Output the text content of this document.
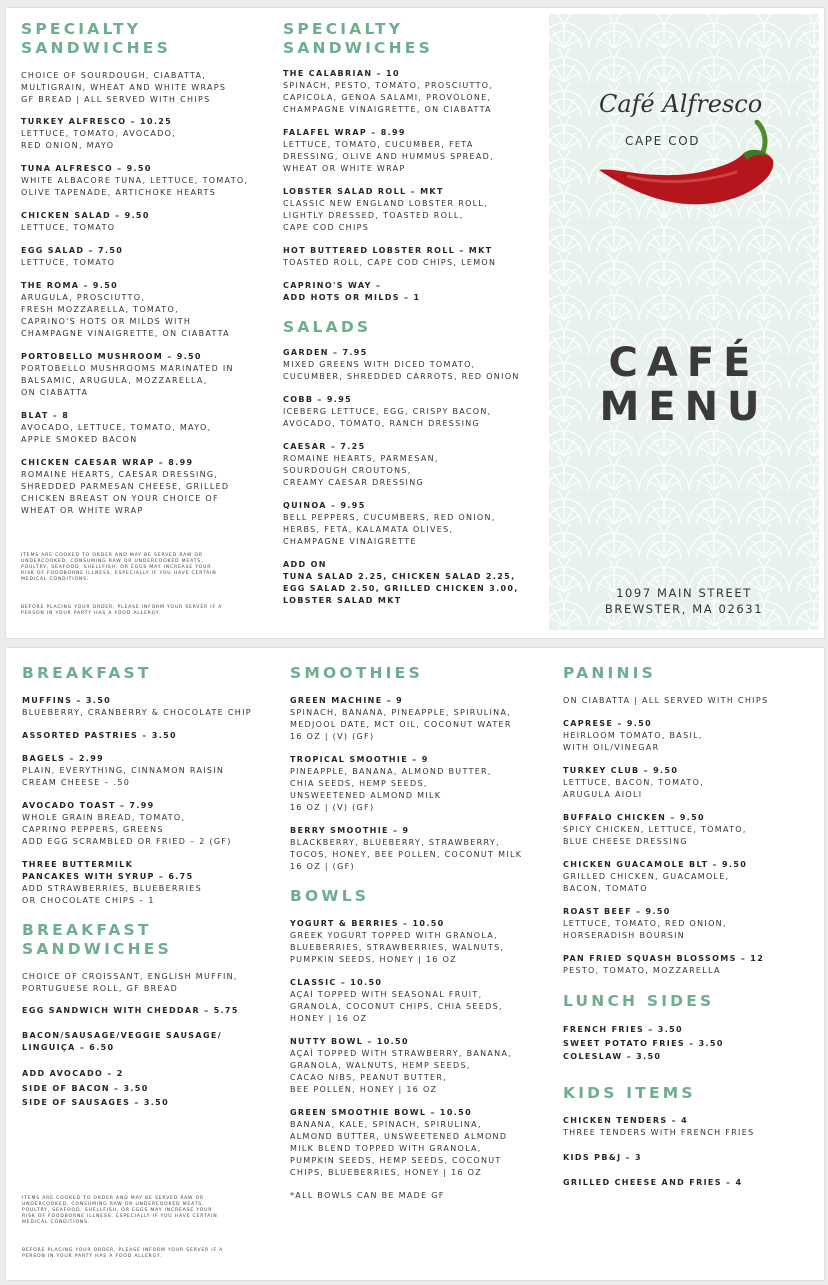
SPECIALTY
SANDWICHES
CHOICE OF SOURDOUGH, CIABATTA,
MULTIGRAIN, WHEAT AND WHITE WRAPS
GF BREAD | ALL SERVED WITH CHIPS
TURKEY ALFRESCO – 10.25
LETTUCE, TOMATO, AVOCADO,
RED ONION, MAYO
TUNA ALFRESCO – 9.50
WHITE ALBACORE TUNA, LETTUCE, TOMATO,
OLIVE TAPENADE, ARTICHOKE HEARTS
CHICKEN SALAD – 9.50
LETTUCE, TOMATO
EGG SALAD – 7.50
LETTUCE, TOMATO
THE ROMA – 9.50
ARUGULA, PROSCIUTTO,
FRESH MOZZARELLA, TOMATO,
CAPRINO'S HOTS OR MILDS WITH
CHAMPAGNE VINAIGRETTE, ON CIABATTA
PORTOBELLO MUSHROOM – 9.50
PORTOBELLO MUSHROOMS MARINATED IN
BALSAMIC, ARUGULA, MOZZARELLA,
ON CIABATTA
BLAT – 8
AVOCADO, LETTUCE, TOMATO, MAYO,
APPLE SMOKED BACON
CHICKEN CAESAR WRAP – 8.99
ROMAINE HEARTS, CAESAR DRESSING,
SHREDDED PARMESAN CHEESE, GRILLED
CHICKEN BREAST ON YOUR CHOICE OF
WHEAT OR WHITE WRAP
ITEMS ARE COOKED TO ORDER AND MAY BE SERVED RAW OR
UNDERCOOKED. CONSUMING RAW OR UNDERCOOKED MEATS,
POULTRY, SEAFOOD, SHELLFISH, OR EGGS MAY INCREASE YOUR
RISK OF FOODBORNE ILLNESS, ESPECIALLY IF YOU HAVE CERTAIN
MEDICAL CONDITIONS.
BEFORE PLACING YOUR ORDER, PLEASE INFORM YOUR SERVER IF A
PERSON IN YOUR PARTY HAS A FOOD ALLERGY.
SPECIALTY
SANDWICHES
THE CALABRIAN – 10
SPINACH, PESTO, TOMATO, PROSCIUTTO,
CAPICOLA, GENOA SALAMI, PROVOLONE,
CHAMPAGNE VINAIGRETTE, ON CIABATTA
FALAFEL WRAP – 8.99
LETTUCE, TOMATO, CUCUMBER, FETA
DRESSING, OLIVE AND HUMMUS SPREAD,
WHEAT OR WHITE WRAP
LOBSTER SALAD ROLL – MKT
CLASSIC NEW ENGLAND LOBSTER ROLL,
LIGHTLY DRESSED, TOASTED ROLL,
CAPE COD CHIPS
HOT BUTTERED LOBSTER ROLL – MKT
TOASTED ROLL, CAPE COD CHIPS, LEMON
CAPRINO'S WAY –
ADD HOTS OR MILDS – 1
SALADS
GARDEN – 7.95
MIXED GREENS WITH DICED TOMATO,
CUCUMBER, SHREDDED CARROTS, RED ONION
COBB – 9.95
ICEBERG LETTUCE, EGG, CRISPY BACON,
AVOCADO, TOMATO, RANCH DRESSING
CAESAR – 7.25
ROMAINE HEARTS, PARMESAN,
SOURDOUGH CROUTONS,
CREAMY CAESAR DRESSING
QUINOA – 9.95
BELL PEPPERS, CUCUMBERS, RED ONION,
HERBS, FETA, KALAMATA OLIVES,
CHAMPAGNE VINAIGRETTE
ADD ON
TUNA SALAD 2.25, CHICKEN SALAD 2.25,
EGG SALAD 2.50, GRILLED CHICKEN 3.00,
LOBSTER SALAD MKT
Café Alfresco
CAPE COD
CAFÉ
MENU
1097 MAIN STREET
BREWSTER, MA 02631
BREAKFAST
MUFFINS – 3.50
BLUEBERRY, CRANBERRY & CHOCOLATE CHIP
ASSORTED PASTRIES – 3.50
BAGELS – 2.99
PLAIN, EVERYTHING, CINNAMON RAISIN
CREAM CHEESE – .50
AVOCADO TOAST – 7.99
WHOLE GRAIN BREAD, TOMATO,
CAPRINO PEPPERS, GREENS
ADD EGG SCRAMBLED OR FRIED – 2 (GF)
THREE BUTTERMILK
PANCAKES WITH SYRUP – 6.75
ADD STRAWBERRIES, BLUEBERRIES
OR CHOCOLATE CHIPS – 1
BREAKFAST
SANDWICHES
CHOICE OF CROISSANT, ENGLISH MUFFIN,
PORTUGUESE ROLL, GF BREAD
EGG SANDWICH WITH CHEDDAR – 5.75
BACON/SAUSAGE/VEGGIE SAUSAGE/
LINGUIÇA – 6.50
ADD AVOCADO – 2
SIDE OF BACON – 3.50
SIDE OF SAUSAGES – 3.50
ITEMS ARE COOKED TO ORDER AND MAY BE SERVED RAW OR
UNDERCOOKED. CONSUMING RAW OR UNDERCOOKED MEATS,
POULTRY, SEAFOOD, SHELLFISH, OR EGGS MAY INCREASE YOUR
RISK OF FOODBORNE ILLNESS, ESPECIALLY IF YOU HAVE CERTAIN
MEDICAL CONDITIONS.
BEFORE PLACING YOUR ORDER, PLEASE INFORM YOUR SERVER IF A
PERSON IN YOUR PARTY HAS A FOOD ALLERGY.
SMOOTHIES
GREEN MACHINE – 9
SPINACH, BANANA, PINEAPPLE, SPIRULINA,
MEDJOOL DATE, MCT OIL, COCONUT WATER
16 OZ | (V) (GF)
TROPICAL SMOOTHIE – 9
PINEAPPLE, BANANA, ALMOND BUTTER,
CHIA SEEDS, HEMP SEEDS,
UNSWEETENED ALMOND MILK
16 OZ | (V) (GF)
BERRY SMOOTHIE – 9
BLACKBERRY, BLUEBERRY, STRAWBERRY,
TOCOS, HONEY, BEE POLLEN, COCONUT MILK
16 OZ | (GF)
BOWLS
YOGURT & BERRIES – 10.50
GREEK YOGURT TOPPED WITH GRANOLA,
BLUEBERRIES, STRAWBERRIES, WALNUTS,
PUMPKIN SEEDS, HONEY | 16 OZ
CLASSIC – 10.50
AÇAÍ TOPPED WITH SEASONAL FRUIT,
GRANOLA, COCONUT CHIPS, CHIA SEEDS,
HONEY | 16 OZ
NUTTY BOWL – 10.50
AÇAÍ TOPPED WITH STRAWBERRY, BANANA,
GRANOLA, WALNUTS, HEMP SEEDS,
CACAO NIBS, PEANUT BUTTER,
BEE POLLEN, HONEY | 16 OZ
GREEN SMOOTHIE BOWL – 10.50
BANANA, KALE, SPINACH, SPIRULINA,
ALMOND BUTTER, UNSWEETENED ALMOND
MILK BLEND TOPPED WITH GRANOLA,
PUMPKIN SEEDS, HEMP SEEDS, COCONUT
CHIPS, BLUEBERRIES, HONEY | 16 OZ
*ALL BOWLS CAN BE MADE GF
PANINIS
ON CIABATTA | ALL SERVED WITH CHIPS
CAPRESE – 9.50
HEIRLOOM TOMATO, BASIL,
WITH OIL/VINEGAR
TURKEY CLUB – 9.50
LETTUCE, BACON, TOMATO,
ARUGULA AIOLI
BUFFALO CHICKEN – 9.50
SPICY CHICKEN, LETTUCE, TOMATO,
BLUE CHEESE DRESSING
CHICKEN GUACAMOLE BLT – 9.50
GRILLED CHICKEN, GUACAMOLE,
BACON, TOMATO
ROAST BEEF – 9.50
LETTUCE, TOMATO, RED ONION,
HORSERADISH BOURSIN
PAN FRIED SQUASH BLOSSOMS – 12
PESTO, TOMATO, MOZZARELLA
LUNCH SIDES
FRENCH FRIES – 3.50
SWEET POTATO FRIES – 3.50
COLESLAW – 3.50
KIDS ITEMS
CHICKEN TENDERS – 4
THREE TENDERS WITH FRENCH FRIES
KIDS PB&J – 3
GRILLED CHEESE AND FRIES – 4
